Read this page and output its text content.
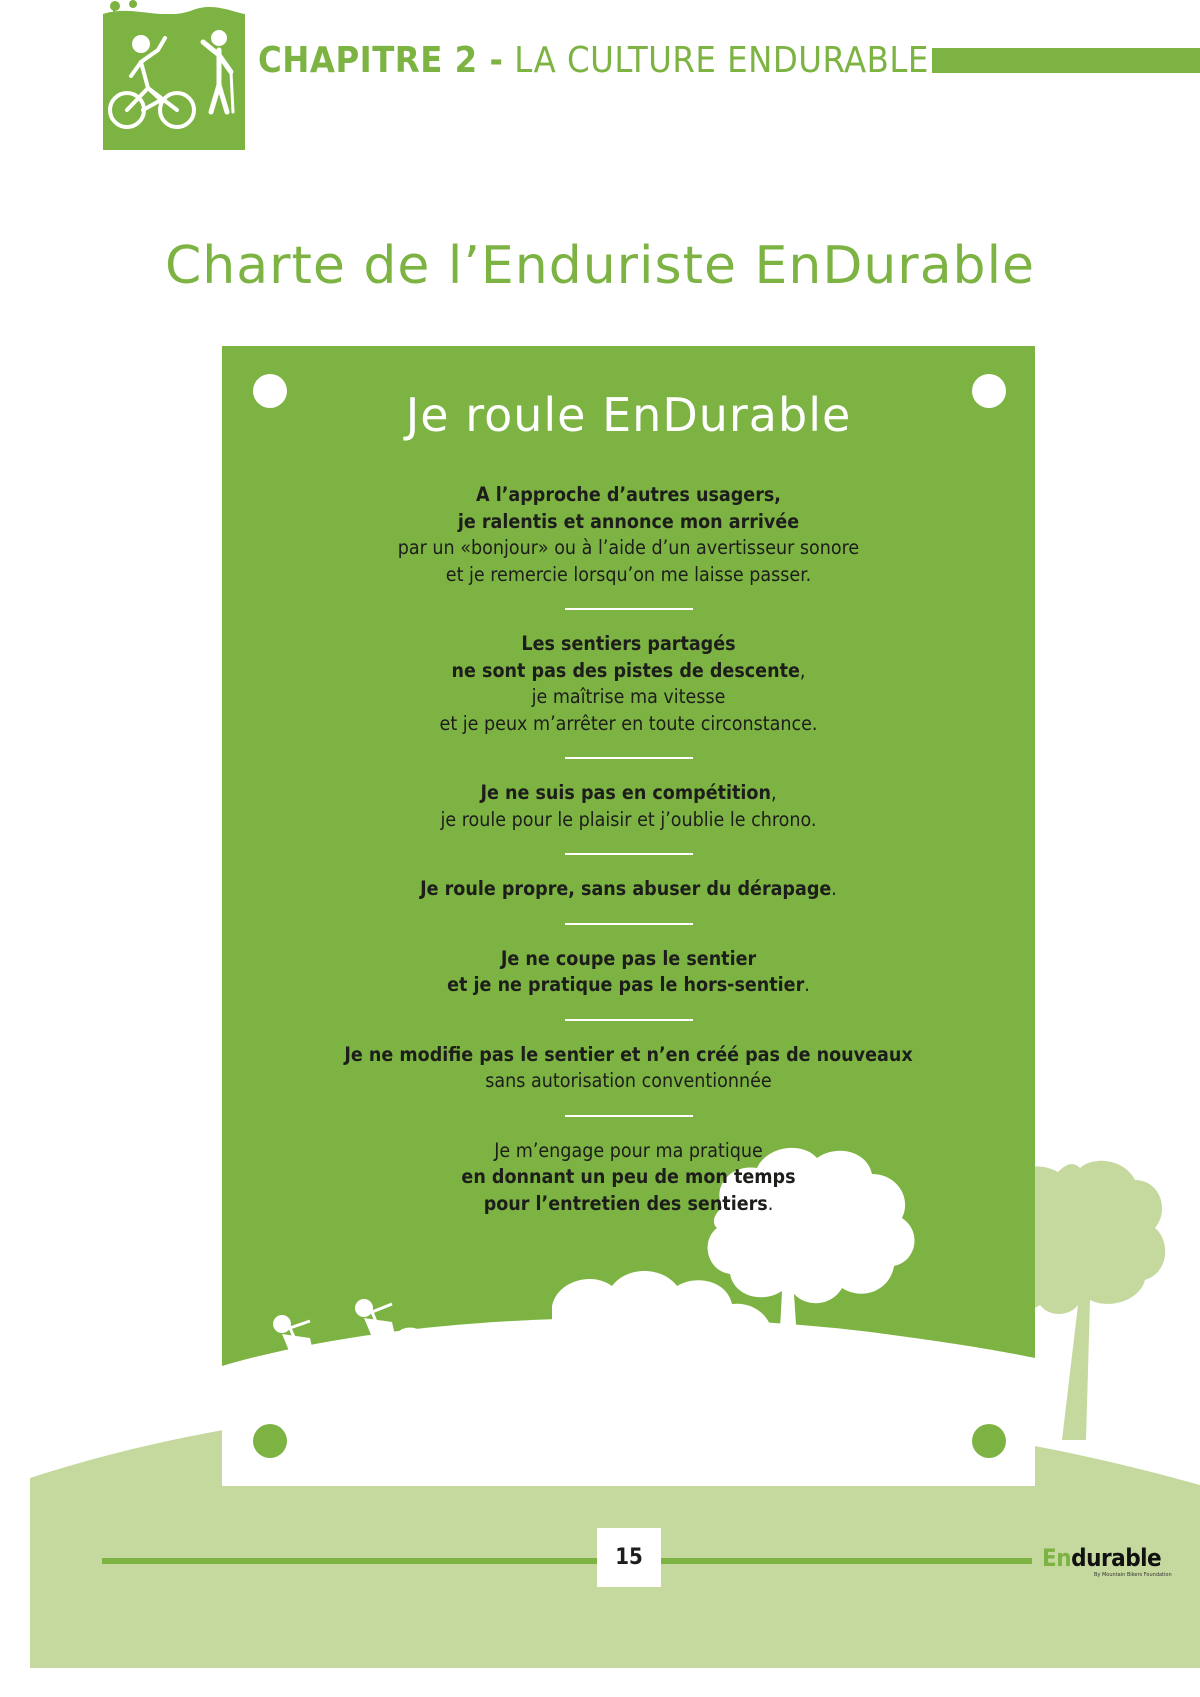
CHAPITRE 2 - LA CULTURE ENDURABLE
Charte de l’Enduriste EnDurable
Je roule EnDurable
A l’approche d’autres usagers,
je ralentis et annonce mon arrivée
par un «bonjour» ou à l’aide d’un avertisseur sonore
et je remercie lorsqu’on me laisse passer.
Les sentiers partagés
ne sont pas des pistes de descente,
je maîtrise ma vitesse
et je peux m’arrêter en toute circonstance.
Je ne suis pas en compétition,
je roule pour le plaisir et j’oublie le chrono.
Je roule propre, sans abuser du dérapage.
Je ne coupe pas le sentier
et je ne pratique pas le hors-sentier.
Je ne modifie pas le sentier et n’en créé pas de nouveaux
sans autorisation conventionnée
Je m’engage pour ma pratique
en donnant un peu de mon temps
pour l’entretien des sentiers.
15	Endurable
By Mountain Bikers Foundation
